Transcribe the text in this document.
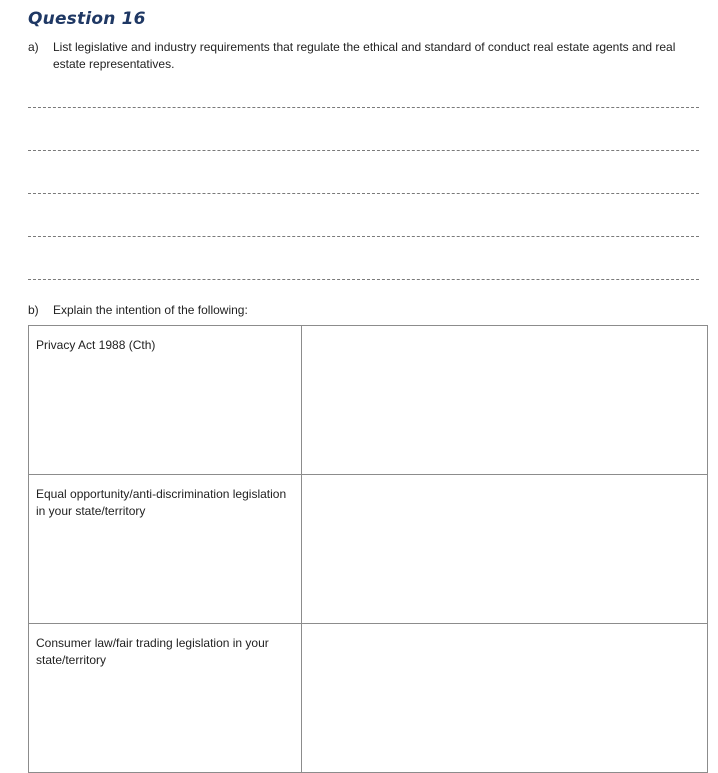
Question 16
a) List legislative and industry requirements that regulate the ethical and standard of conduct real estate agents and real estate representatives.
b) Explain the intention of the following:
Privacy Act 1988 (Cth)	

Equal opportunity/anti-discrimination legislation in your state/territory	

Consumer law/fair trading legislation in your state/territory	
